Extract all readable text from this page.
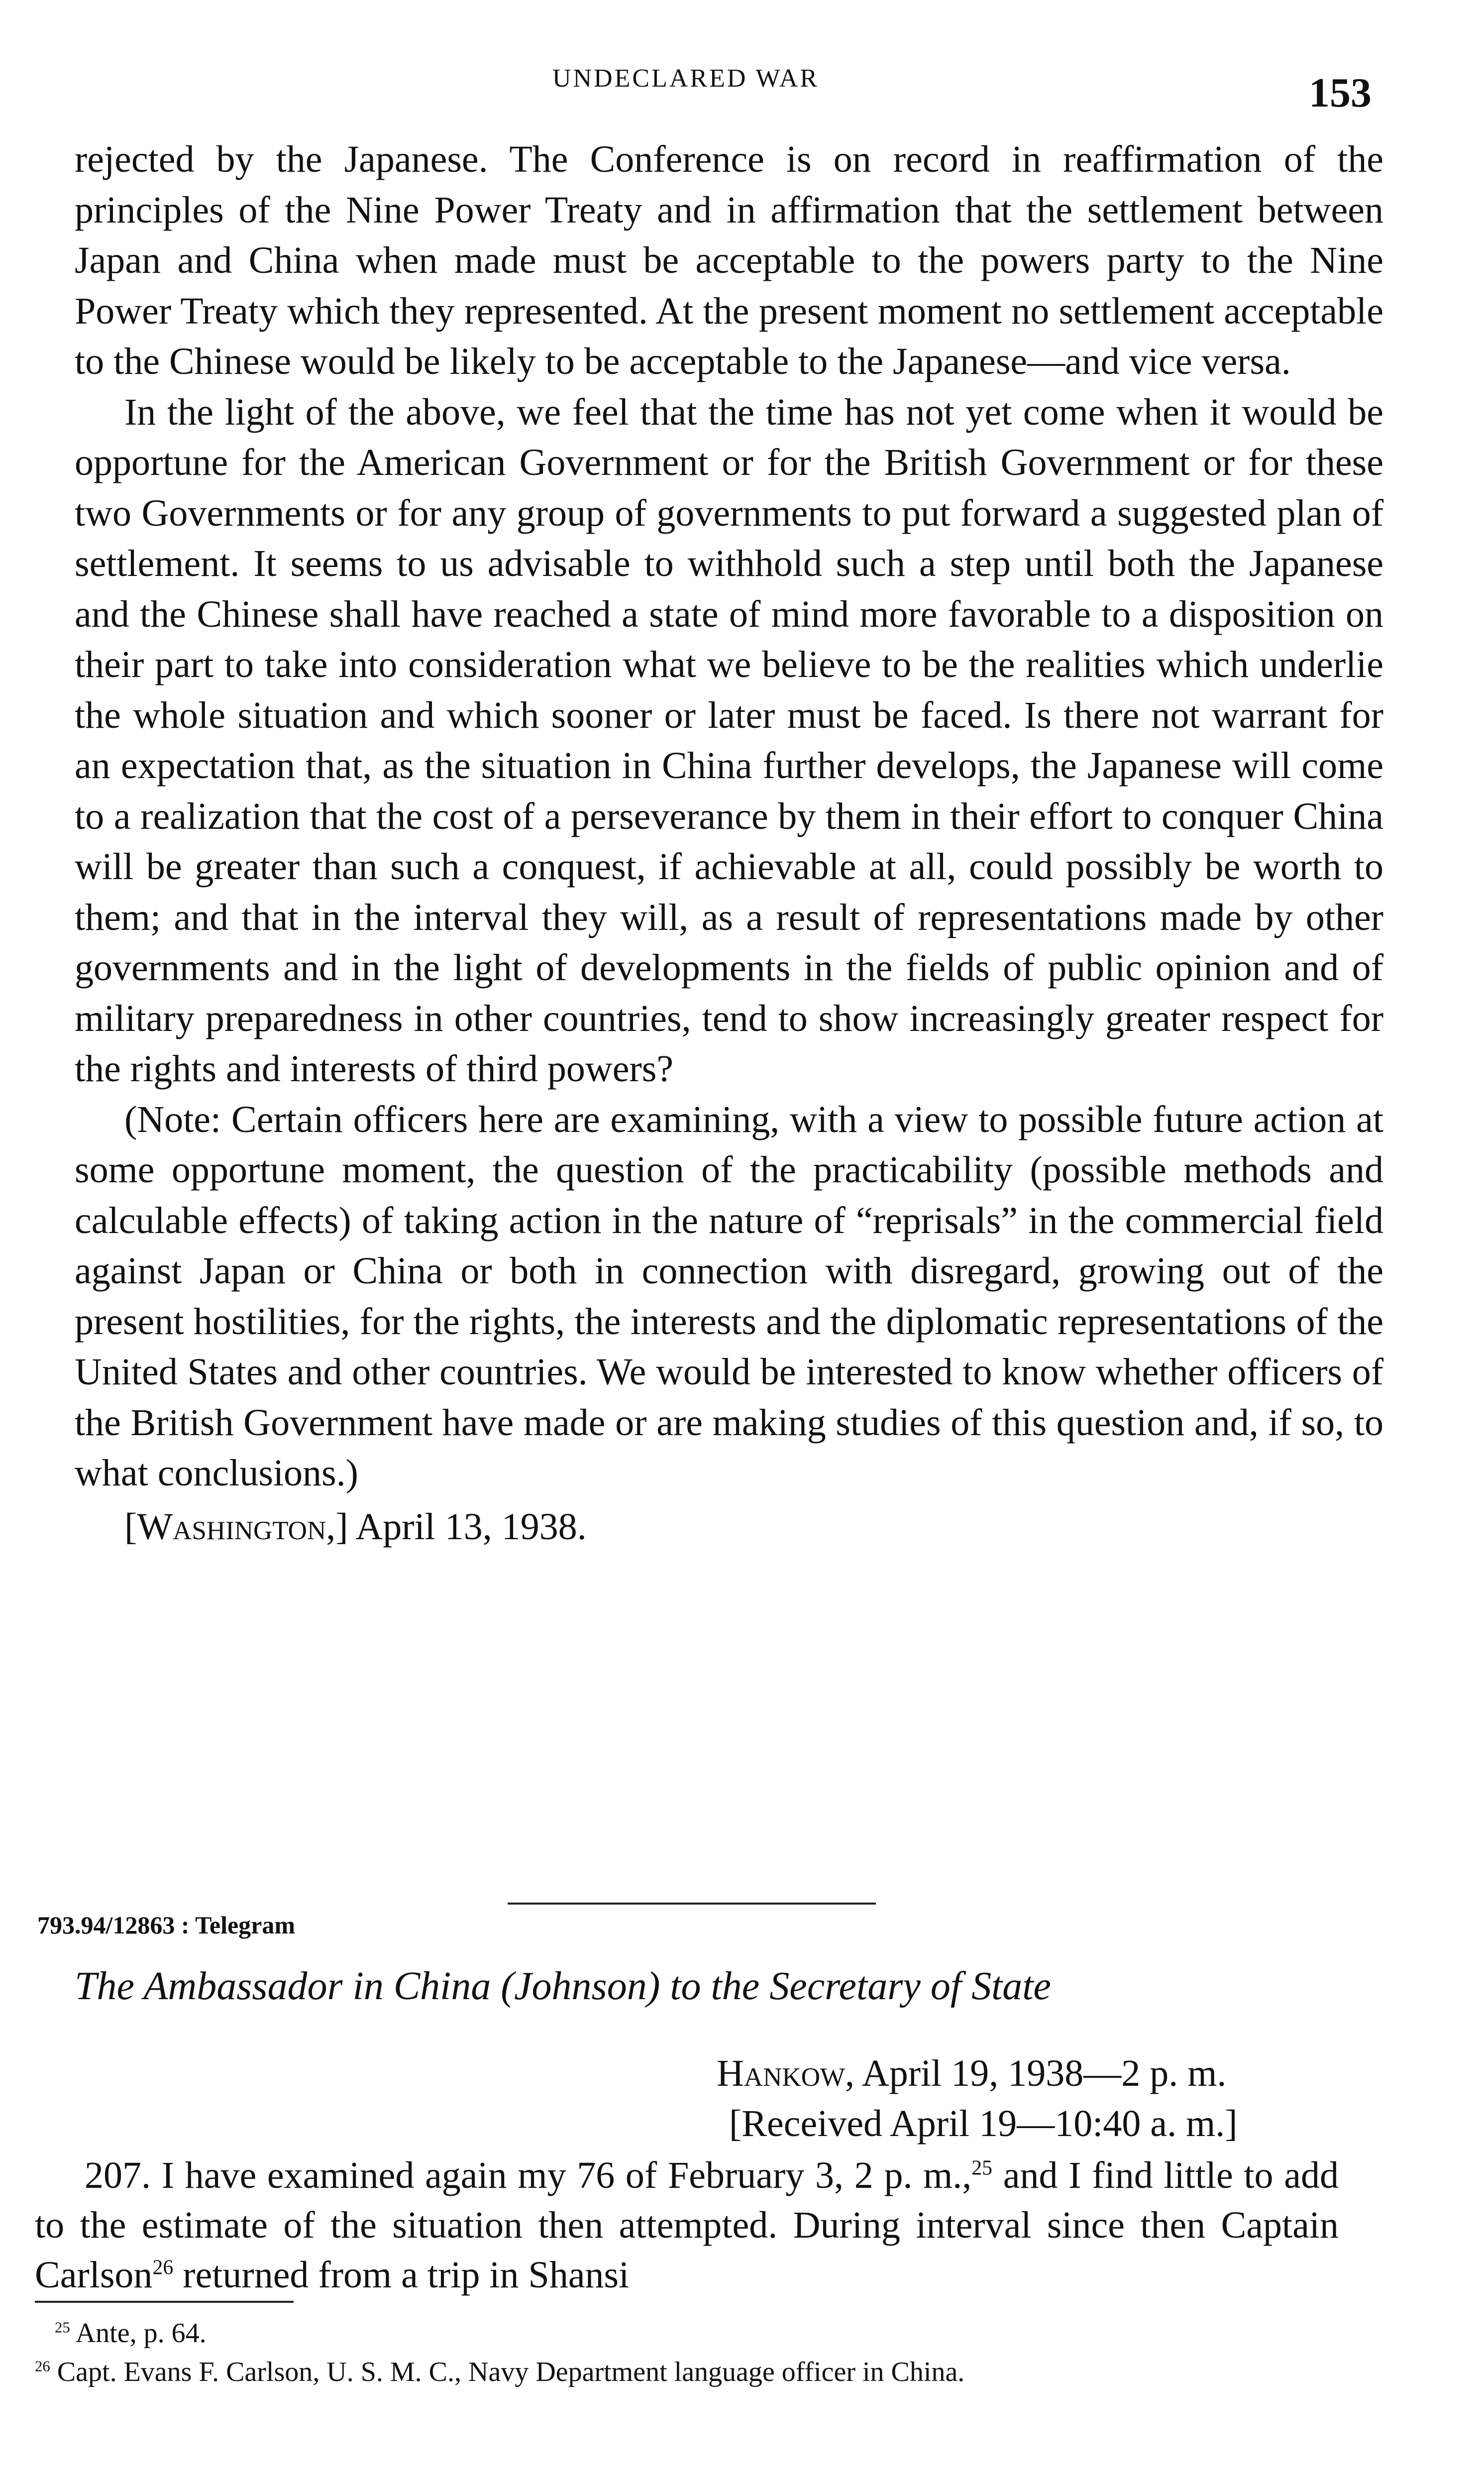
UNDECLARED WAR	153

rejected by the Japanese. The Conference is on record in reaffirmation of the principles of the Nine Power Treaty and in affirmation that the settlement between Japan and China when made must be acceptable to the powers party to the Nine Power Treaty which they represented. At the present moment no settlement acceptable to the Chinese would be likely to be acceptable to the Japanese—and vice versa.

In the light of the above, we feel that the time has not yet come when it would be opportune for the American Government or for the British Government or for these two Governments or for any group of governments to put forward a suggested plan of settlement. It seems to us advisable to withhold such a step until both the Japanese and the Chinese shall have reached a state of mind more favorable to a disposition on their part to take into consideration what we believe to be the realities which underlie the whole situation and which sooner or later must be faced. Is there not warrant for an expectation that, as the situation in China further develops, the Japanese will come to a realization that the cost of a perseverance by them in their effort to conquer China will be greater than such a conquest, if achievable at all, could possibly be worth to them; and that in the interval they will, as a result of representations made by other governments and in the light of developments in the fields of public opinion and of military preparedness in other countries, tend to show increasingly greater respect for the rights and interests of third powers?

(Note: Certain officers here are examining, with a view to possible future action at some opportune moment, the question of the practicability (possible methods and calculable effects) of taking action in the nature of “reprisals” in the commercial field against Japan or China or both in connection with disregard, growing out of the present hostilities, for the rights, the interests and the diplomatic representations of the United States and other countries. We would be interested to know whether officers of the British Government have made or are making studies of this question and, if so, to what conclusions.)

[Washington,] April 13, 1938.

793.94/12863 : Telegram
The Ambassador in China (Johnson) to the Secretary of State
Hankow, April 19, 1938—2 p. m.
[Received April 19—10:40 a. m.]

207. I have examined again my 76 of February 3, 2 p. m.,$^{25}$ and I find little to add to the estimate of the situation then attempted. During interval since then Captain Carlson$^{26}$ returned from a trip in Shansi

$^{25}$ Ante, p. 64.
$^{26}$ Capt. Evans F. Carlson, U. S. M. C., Navy Department language officer in China.
